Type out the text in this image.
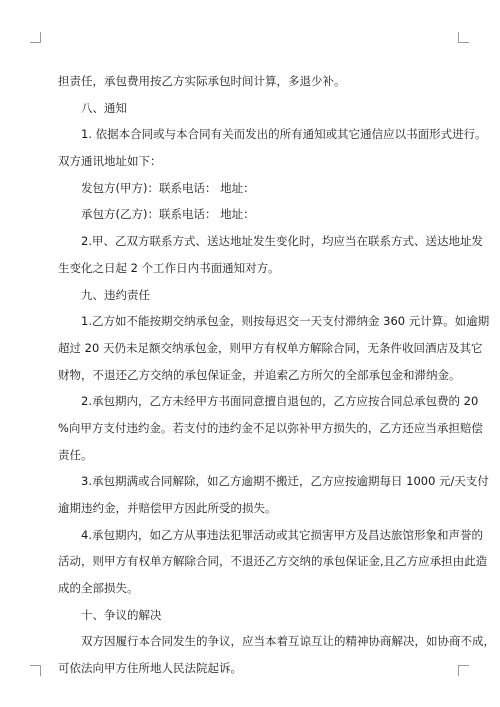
担责任，承包费用按乙方实际承包时间计算，多退少补。
八、通知
1. 依据本合同或与本合同有关而发出的所有通知或其它通信应以书面形式进行。
双方通讯地址如下：
发包方(甲方)：联系电话： 地址：
承包方(乙方)：联系电话： 地址：
2.甲、乙双方联系方式、送达地址发生变化时，均应当在联系方式、送达地址发
生变化之日起 2 个工作日内书面通知对方。
九、违约责任
1.乙方如不能按期交纳承包金，则按每迟交一天支付滞纳金 360 元计算。如逾期
超过 20 天仍未足额交纳承包金，则甲方有权单方解除合同，无条件收回酒店及其它
财物，不退还乙方交纳的承包保证金，并追索乙方所欠的全部承包金和滞纳金。
2.承包期内，乙方未经甲方书面同意擅自退包的，乙方应按合同总承包费的 20
%向甲方支付违约金。若支付的违约金不足以弥补甲方损失的，乙方还应当承担赔偿
责任。
3.承包期满或合同解除，如乙方逾期不搬迁，乙方应按逾期每日 1000 元/天支付
逾期违约金，并赔偿甲方因此所受的损失。
4.承包期内，如乙方从事违法犯罪活动或其它损害甲方及昌达旅馆形象和声誉的
活动，则甲方有权单方解除合同，不退还乙方交纳的承包保证金,且乙方应承担由此造
成的全部损失。
十、争议的解决
双方因履行本合同发生的争议，应当本着互谅互让的精神协商解决，如协商不成，
可依法向甲方住所地人民法院起诉。
